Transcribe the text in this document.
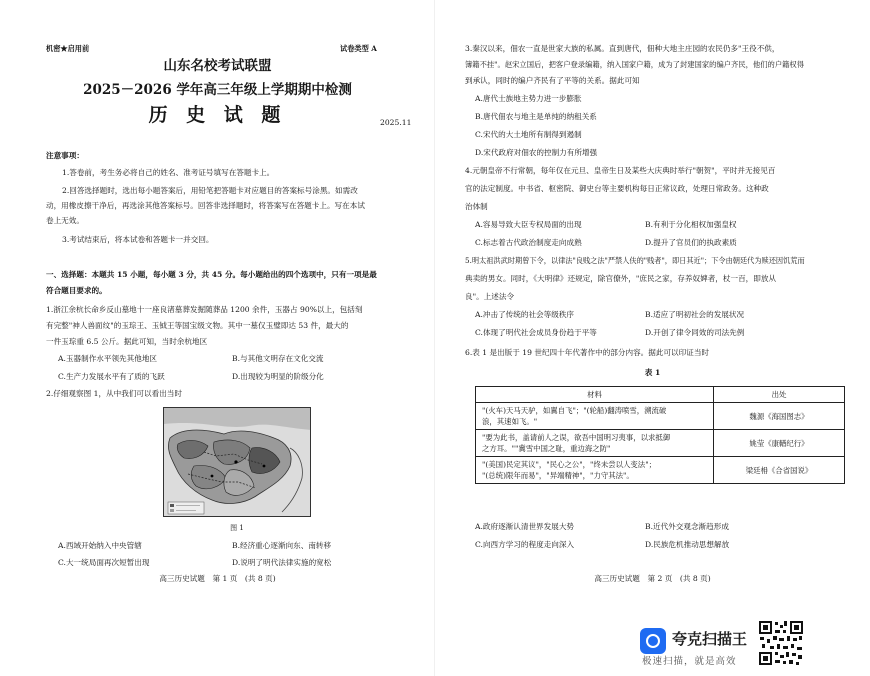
机密★启用前	试卷类型 A
山东名校考试联盟
2025－2026 学年高三年级上学期期中检测
历 史 试 题	2025.11
注意事项：
1.答卷前，考生务必将自己的姓名、准考证号填写在答题卡上。
2.回答选择题时，选出每小题答案后，用铅笔把答题卡对应题目的答案标号涂黑。如需改
动，用橡皮擦干净后，再选涂其他答案标号。回答非选择题时，将答案写在答题卡上。写在本试
卷上无效。
3.考试结束后，将本试卷和答题卡一并交回。
一、选择题：本题共 15 小题，每小题 3 分，共 45 分。每小题给出的四个选项中，只有一项是最
符合题目要求的。
1.浙江余杭长命乡反山墓地十一座良渚墓葬发掘随葬品 1200 余件，玉器占 90%以上，包括刻
有完整"神人兽面纹"的玉琮王、玉钺王等国宝级文物。其中一墓仅玉璧即达 53 件，最大的
一件玉琮重 6.5 公斤。据此可知，当时余杭地区
A.玉器制作水平领先其他地区	B.与其他文明存在文化交流
C.生产力发展水平有了质的飞跃	D.出现较为明显的阶级分化
2.仔细观察图 1，从中我们可以看出当时
图 1
A.西域开始纳入中央管辖	B.经济重心逐渐向东、南转移
C.大一统局面再次短暂出现	D.说明了明代法律实施的宽松
高三历史试题　第 1 页　(共 8 页)
3.秦汉以来，佃农一直是世家大族的私属。直到唐代，佃种大地主庄园的农民仍多"王役不供，
簿籍不挂"。赵宋立国后，把客户登录编籍，纳入国家户籍，成为了封建国家的编户齐民，他们的户籍权得
到承认，同时的编户齐民有了平等的关系。据此可知
A.唐代士族地主势力进一步膨胀
B.唐代佃农与地主是单纯的纳租关系
C.宋代的大土地所有制得到遏制
D.宋代政府对佃农的控制力有所增强
4.元朝皇帝不行常朝，每年仅在元旦、皇帝生日及某些大庆典时举行"朝贺"，平时并无接见百
官的法定制度。中书省、枢密院、御史台等主要机构每日正常议政，处理日常政务。这种政
治体制
A.容易导致大臣专权局面的出现	B.有利于分化相权加强皇权
C.标志着古代政治制度走向成熟	D.提升了官员们的执政素质
5.明太祖洪武时期曾下令，以律法"良贱之法"严禁人伕的"贱者"，即日其近"；下令由朝廷代为赎还因饥荒而
典卖的男女。同时，《大明律》还规定，除官僚外，"庶民之家，存养奴婢者，杖一百，即放从
良"。上述法令
A.冲击了传统的社会等级秩序	B.适应了明初社会的发展状况
C.体现了明代社会成员身份趋于平等	D.开创了律令同效的司法先例
6.表 1 是出版于 19 世纪四十年代著作中的部分内容。据此可以印证当时
表 1
材料	出处

"(火车)天马天驴，如翼自飞"；"(轮船)翻涛喷雪，溯流破
浪，其速如飞。"	魏源《海国图志》

"要为此书，盖请前人之误，欲吾中国明习夷事，以求抵御
之方耳。""冀雪中国之耻，重边海之防"	姚莹《康輶纪行》

"(美国)民定其议"，"民心之公"，"终未尝以人变法"；
"(总统)限年而易"，"异端精神"，"力守其法"。	梁廷枏《合省国说》
A.政府逐渐认清世界发展大势	B.近代外交观念渐趋形成
C.向西方学习的程度走向深入	D.民族危机推动思想解放
高三历史试题　第 2 页　(共 8 页)
夸克扫描王
极速扫描，就是高效
